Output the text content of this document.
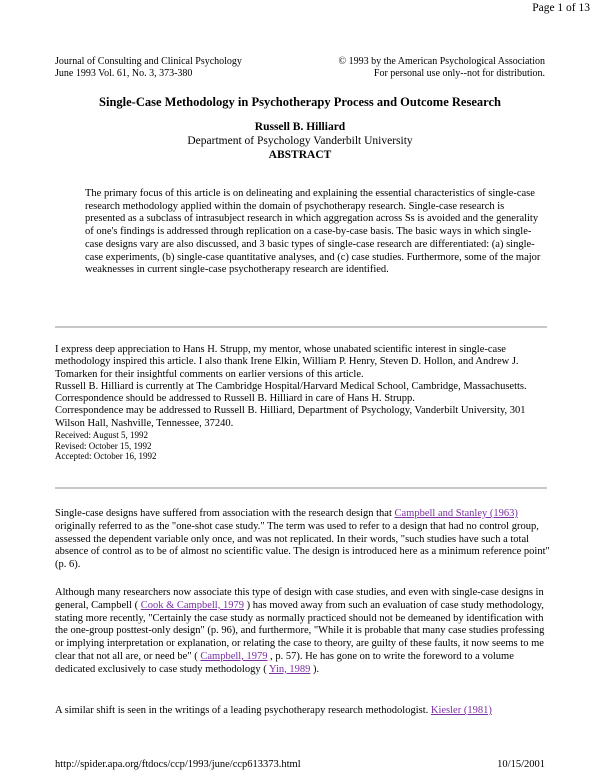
Page 1 of 13
Journal of Consulting and Clinical Psychology
June 1993 Vol. 61, No. 3, 373-380
© 1993 by the American Psychological Association
For personal use only--not for distribution.
Single-Case Methodology in Psychotherapy Process and Outcome Research
Russell B. Hilliard
Department of Psychology Vanderbilt University
ABSTRACT
The primary focus of this article is on delineating and explaining the essential characteristics of single-case research methodology applied within the domain of psychotherapy research. Single-case research is presented as a subclass of intrasubject research in which aggregation across Ss is avoided and the generality of one's findings is addressed through replication on a case-by-case basis. The basic ways in which single-case designs vary are also discussed, and 3 basic types of single-case research are differentiated: (a) single-case experiments, (b) single-case quantitative analyses, and (c) case studies. Furthermore, some of the major weaknesses in current single-case psychotherapy research are identified.
I express deep appreciation to Hans H. Strupp, my mentor, whose unabated scientific interest in single-case methodology inspired this article. I also thank Irene Elkin, William P. Henry, Steven D. Hollon, and Andrew J. Tomarken for their insightful comments on earlier versions of this article.
Russell B. Hilliard is currently at The Cambridge Hospital/Harvard Medical School, Cambridge, Massachusetts. Correspondence should be addressed to Russell B. Hilliard in care of Hans H. Strupp.
Correspondence may be addressed to Russell B. Hilliard, Department of Psychology, Vanderbilt University, 301 Wilson Hall, Nashville, Tennessee, 37240.
Received: August 5, 1992
Revised: October 15, 1992
Accepted: October 16, 1992
Single-case designs have suffered from association with the research design that Campbell and Stanley (1963) originally referred to as the "one-shot case study." The term was used to refer to a design that had no control group, assessed the dependent variable only once, and was not replicated. In their words, "such studies have such a total absence of control as to be of almost no scientific value. The design is introduced here as a minimum reference point" (p. 6).
Although many researchers now associate this type of design with case studies, and even with single-case designs in general, Campbell ( Cook & Campbell, 1979 ) has moved away from such an evaluation of case study methodology, stating more recently, "Certainly the case study as normally practiced should not be demeaned by identification with the one-group posttest-only design" (p. 96), and furthermore, "While it is probable that many case studies professing or implying interpretation or explanation, or relating the case to theory, are guilty of these faults, it now seems to me clear that not all are, or need be" ( Campbell, 1979 , p. 57). He has gone on to write the foreword to a volume dedicated exclusively to case study methodology ( Yin, 1989 ).
A similar shift is seen in the writings of a leading psychotherapy research methodologist. Kiesler (1981)
http://spider.apa.org/ftdocs/ccp/1993/june/ccp613373.html	10/15/2001
